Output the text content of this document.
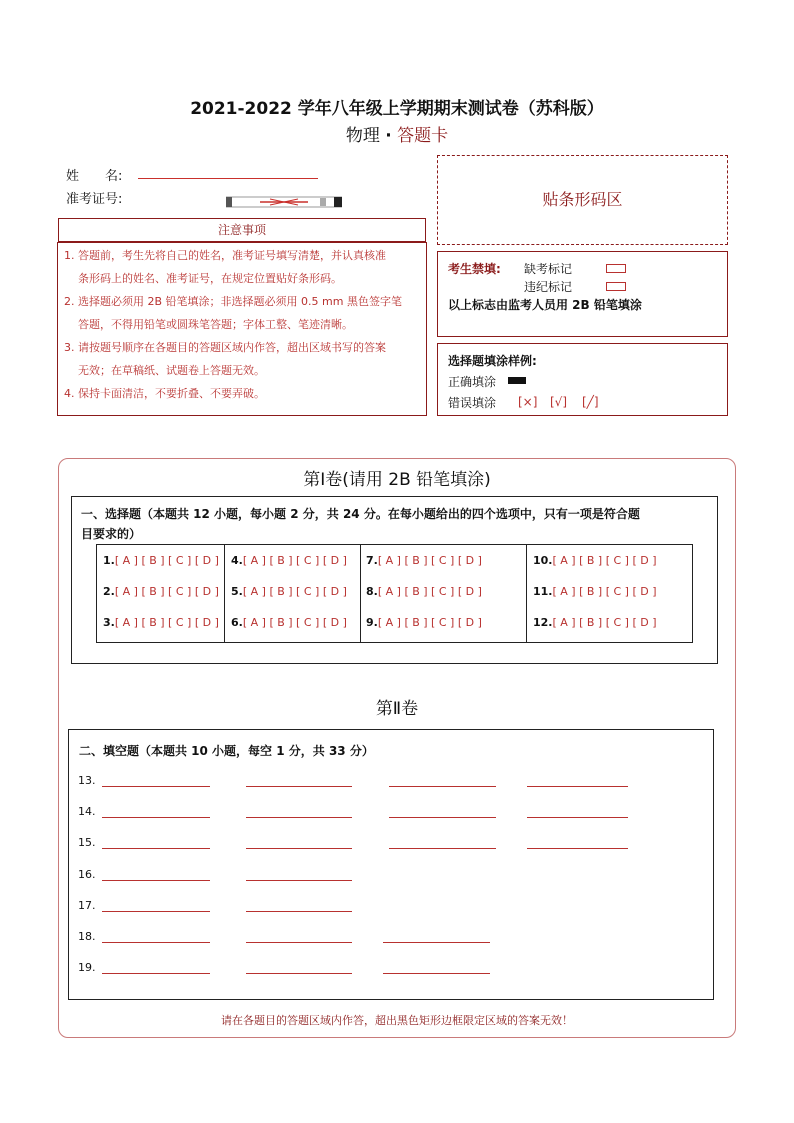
2021-2022 学年八年级上学期期末测试卷（苏科版）
物理 · 答题卡
姓　　名:
准考证号:
注意事项
1. 答题前，考生先将自己的姓名，准考证号填写清楚，并认真核准
条形码上的姓名、准考证号，在规定位置贴好条形码。
2. 选择题必须用 2B 铅笔填涂；非选择题必须用 0.5 mm 黑色签字笔
答题，不得用铅笔或圆珠笔答题；字体工整、笔迹清晰。
3. 请按题号顺序在各题目的答题区域内作答，超出区域书写的答案
无效；在草稿纸、试题卷上答题无效。
4. 保持卡面清洁，不要折叠、不要弄破。
贴条形码区
考生禁填: 缺考标记
违纪标记
以上标志由监考人员用 2B 铅笔填涂
选择题填涂样例:
正确填涂
错误填涂 [×] [√] [╱]
第Ⅰ卷(请用 2B 铅笔填涂)
一、选择题（本题共 12 小题，每小题 2 分，共 24 分。在每小题给出的四个选项中，只有一项是符合题
目要求的）
1.[ A ] [ B ] [ C ] [ D ]
2.[ A ] [ B ] [ C ] [ D ]
3.[ A ] [ B ] [ C ] [ D ]
4.[ A ] [ B ] [ C ] [ D ]
5.[ A ] [ B ] [ C ] [ D ]
6.[ A ] [ B ] [ C ] [ D ]
7.[ A ] [ B ] [ C ] [ D ]
8.[ A ] [ B ] [ C ] [ D ]
9.[ A ] [ B ] [ C ] [ D ]
10.[ A ] [ B ] [ C ] [ D ]
11.[ A ] [ B ] [ C ] [ D ]
12.[ A ] [ B ] [ C ] [ D ]
第Ⅱ卷
二、填空题（本题共 10 小题，每空 1 分，共 33 分）
13.
14.
15.
16.
17.
18.
19.
请在各题目的答题区域内作答，超出黑色矩形边框限定区域的答案无效！
